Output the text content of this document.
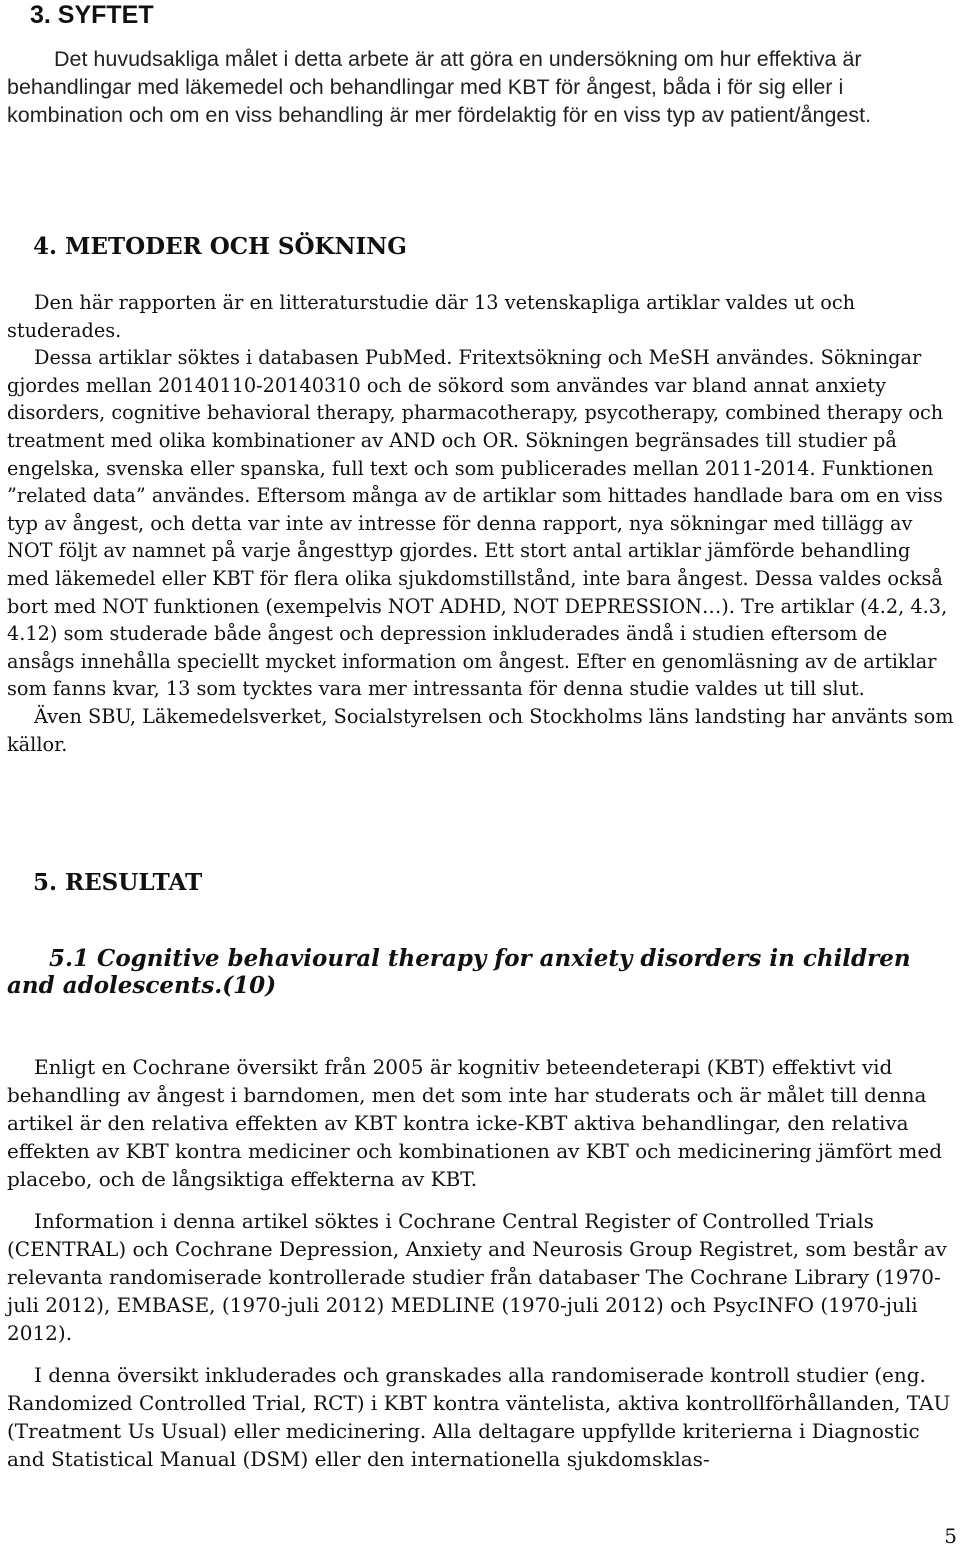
3. SYFTET

Det huvudsakliga målet i detta arbete är att göra en undersökning om hur effektiva är behandlingar med läkemedel och behandlingar med KBT för ångest, båda i för sig eller i kombination och om en viss behandling är mer fördelaktig för en viss typ av patient/ångest.

4. METODER OCH SÖKNING
Den här rapporten är en litteraturstudie där 13 vetenskapliga artiklar valdes ut och studerades.
Dessa artiklar söktes i databasen PubMed. Fritextsökning och MeSH användes. Sökningar gjordes mellan 20140110-20140310 och de sökord som användes var bland annat anxiety disorders, cognitive behavioral therapy, pharmacotherapy, psycotherapy, combined therapy och treatment med olika kombinationer av AND och OR. Sökningen begränsades till studier på engelska, svenska eller spanska, full text och som publicerades mellan 2011-2014. Funktionen ”related data” användes. Eftersom många av de artiklar som hittades handlade bara om en viss typ av ångest, och detta var inte av intresse för denna rapport, nya sökningar med tillägg av NOT följt av namnet på varje ångesttyp gjordes. Ett stort antal artiklar jämförde behandling med läkemedel eller KBT för flera olika sjukdomstillstånd, inte bara ångest. Dessa valdes också bort med NOT funktionen (exempelvis NOT ADHD, NOT DEPRESSION…). Tre artiklar (4.2, 4.3, 4.12) som studerade både ångest och depression inkluderades ändå i studien eftersom de ansågs innehålla speciellt mycket information om ångest. Efter en genomläsning av de artiklar som fanns kvar, 13 som tycktes vara mer intressanta för denna studie valdes ut till slut.
Även SBU, Läkemedelsverket, Socialstyrelsen och Stockholms läns landsting har använts som källor.
5. RESULTAT
5.1 Cognitive behavioural therapy for anxiety disorders in children and adolescents.(10)

Enligt en Cochrane översikt från 2005 är kognitiv beteendeterapi (KBT) effektivt vid behandling av ångest i barndomen, men det som inte har studerats och är målet till denna artikel är den relativa effekten av KBT kontra icke-KBT aktiva behandlingar, den relativa effekten av KBT kontra mediciner och kombinationen av KBT och medicinering jämfört med placebo, och de långsiktiga effekterna av KBT.

Information i denna artikel söktes i Cochrane Central Register of Controlled Trials (CENTRAL) och Cochrane Depression, Anxiety and Neurosis Group Registret, som består av relevanta randomiserade kontrollerade studier från databaser The Cochrane Library (1970-juli 2012), EMBASE, (1970-juli 2012) MEDLINE (1970-juli 2012) och PsycINFO (1970-juli 2012).

I denna översikt inkluderades och granskades alla randomiserade kontroll studier (eng. Randomized Controlled Trial, RCT) i KBT kontra väntelista, aktiva kontrollförhållanden, TAU (Treatment Us Usual) eller medicinering. Alla deltagare uppfyllde kriterierna i Diagnostic and Statistical Manual (DSM) eller den internationella sjukdomsklas-

5
